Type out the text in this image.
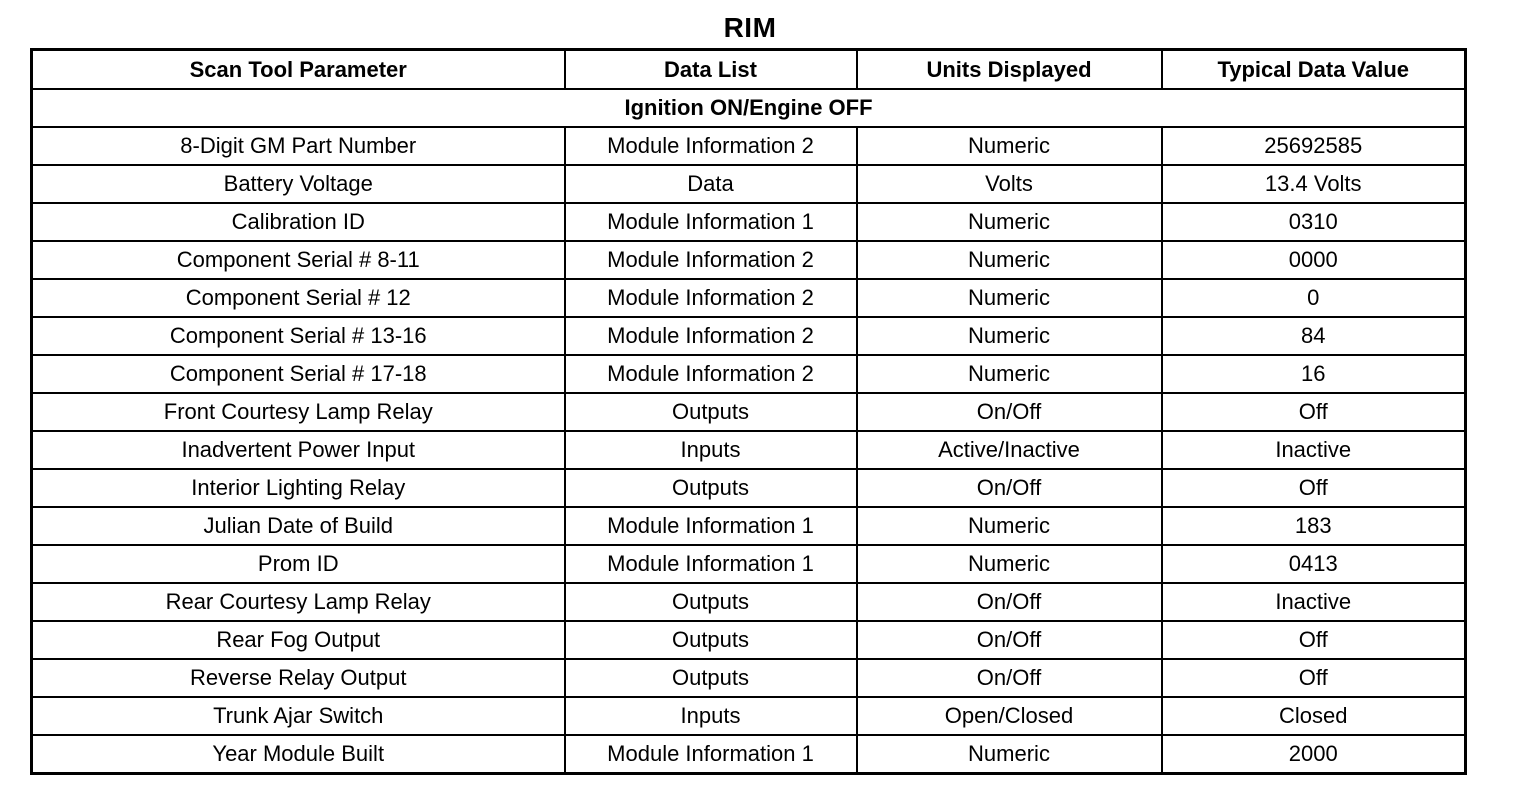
RIM
Scan Tool Parameter	Data List	Units Displayed	Typical Data Value
Ignition ON/Engine OFF			
8-Digit GM Part Number	Module Information 2	Numeric	25692585
Battery Voltage	Data	Volts	13.4 Volts
Calibration ID	Module Information 1	Numeric	0310
Component Serial # 8-11	Module Information 2	Numeric	0000
Component Serial # 12	Module Information 2	Numeric	0
Component Serial # 13-16	Module Information 2	Numeric	84
Component Serial # 17-18	Module Information 2	Numeric	16
Front Courtesy Lamp Relay	Outputs	On/Off	Off
Inadvertent Power Input	Inputs	Active/Inactive	Inactive
Interior Lighting Relay	Outputs	On/Off	Off
Julian Date of Build	Module Information 1	Numeric	183
Prom ID	Module Information 1	Numeric	0413
Rear Courtesy Lamp Relay	Outputs	On/Off	Inactive
Rear Fog Output	Outputs	On/Off	Off
Reverse Relay Output	Outputs	On/Off	Off
Trunk Ajar Switch	Inputs	Open/Closed	Closed
Year Module Built	Module Information 1	Numeric	2000
